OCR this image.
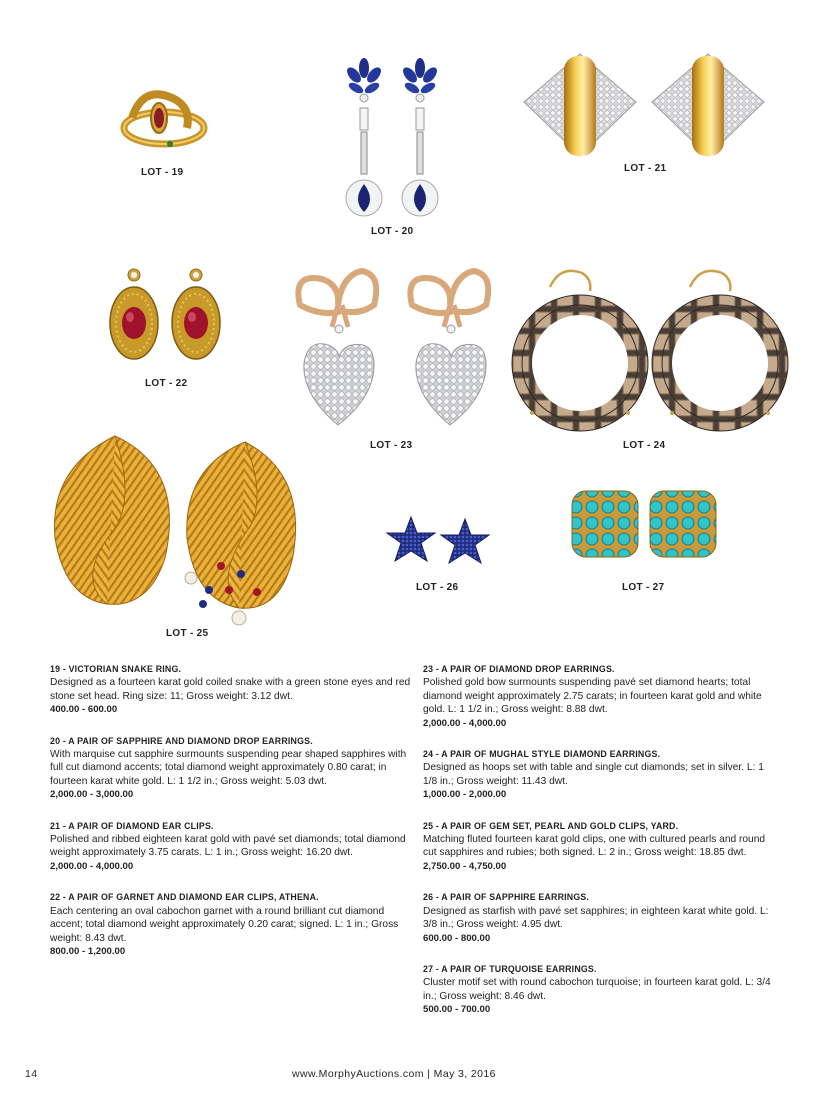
LOT - 19
LOT - 20
LOT - 21
LOT - 22
LOT - 23	LOT - 24
LOT - 25
LOT - 26	LOT - 27
19 - VICTORIAN SNAKE RING.
Designed as a fourteen karat gold coiled snake with a green stone eyes and red stone set head. Ring size: 11; Gross weight: 3.12 dwt.
400.00 - 600.00
20 - A PAIR OF SAPPHIRE AND DIAMOND DROP EARRINGS.
With marquise cut sapphire surmounts suspending pear shaped sapphires with full cut diamond accents; total diamond weight approximately 0.80 carat; in fourteen karat white gold. L: 1 1/2 in.; Gross weight: 5.03 dwt.
2,000.00 - 3,000.00
21 - A PAIR OF DIAMOND EAR CLIPS.
Polished and ribbed eighteen karat gold with pavé set diamonds; total diamond weight approximately 3.75 carats. L: 1 in.; Gross weight: 16.20 dwt.
2,000.00 - 4,000.00
22 - A PAIR OF GARNET AND DIAMOND EAR CLIPS, ATHENA.
Each centering an oval cabochon garnet with a round brilliant cut diamond accent; total diamond weight approximately 0.20 carat; signed. L: 1 in.; Gross weight: 8.43 dwt.
800.00 - 1,200.00
23 - A PAIR OF DIAMOND DROP EARRINGS.
Polished gold bow surmounts suspending pavé set diamond hearts; total diamond weight approximately 2.75 carats; in fourteen karat gold and white gold. L: 1 1/2 in.; Gross weight: 8.88 dwt.
2,000.00 - 4,000.00
24 - A PAIR OF MUGHAL STYLE DIAMOND EARRINGS.
Designed as hoops set with table and single cut diamonds; set in silver. L: 1 1/8 in.; Gross weight: 11.43 dwt.
1,000.00 - 2,000.00
25 - A PAIR OF GEM SET, PEARL AND GOLD CLIPS, YARD.
Matching fluted fourteen karat gold clips, one with cultured pearls and round cut sapphires and rubies; both signed. L: 2 in.; Gross weight: 18.85 dwt.
2,750.00 - 4,750.00
26 - A PAIR OF SAPPHIRE EARRINGS.
Designed as starfish with pavé set sapphires; in eighteen karat white gold. L: 3/8 in.; Gross weight: 4.95 dwt.
600.00 - 800.00
27 - A PAIR OF TURQUOISE EARRINGS.
Cluster motif set with round cabochon turquoise; in fourteen karat gold. L: 3/4 in.; Gross weight: 8.46 dwt.
500.00 - 700.00
14	www.MorphyAuctions.com | May 3, 2016
